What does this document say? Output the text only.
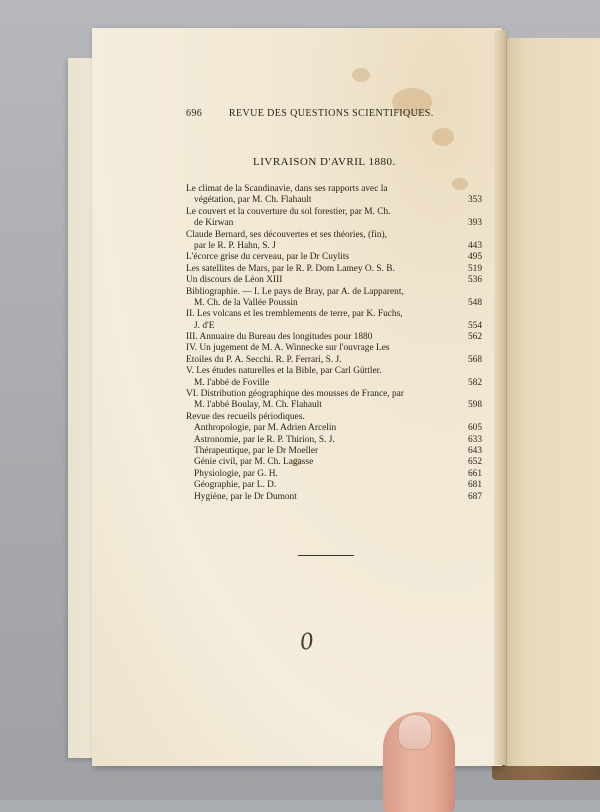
696	REVUE DES QUESTIONS SCIENTIFIQUES.
LIVRAISON D'AVRIL 1880.
Le climat de la Scandinavie, dans ses rapports avec la
végétation, par M. Ch. Flahault	353
Le couvert et la couverture du sol forestier, par M. Ch.
de Kirwan	393
Claude Bernard, ses découvertes et ses théories, (fin),
par le R. P. Hahn, S. J	443
L'écorce grise du cerveau, par le Dr Cuylits	495
Les satellites de Mars, par le R. P. Dom Lamey O. S. B.	519
Un discours de Léon XIII	536
Bibliographie. — I. Le pays de Bray, par A. de Lapparent,
M. Ch. de la Vallée Poussin	548
II. Les volcans et les tremblements de terre, par K. Fuchs,
J. d'E	554
III. Annuaire du Bureau des longitudes pour 1880	562
IV. Un jugement de M. A. Winnecke sur l'ouvrage Les
Étoiles du P. A. Secchi. R. P. Ferrari, S. J.	568
V. Les études naturelles et la Bible, par Carl Güttler.
M. l'abbé de Foville	582
VI. Distribution géographique des mousses de France, par
M. l'abbé Boulay, M. Ch. Flahault	598
Revue des recueils périodiques.
Anthropologie, par M. Adrien Arcelin	605
Astronomie, par le R. P. Thirion, S. J.	633
Thérapeutique, par le Dr Moeller	643
Génie civil, par M. Ch. Lagasse	652
Physiologie, par G. H.	661
Géographie, par L. D.	681
Hygiène, par le Dr Dumont	687
0
